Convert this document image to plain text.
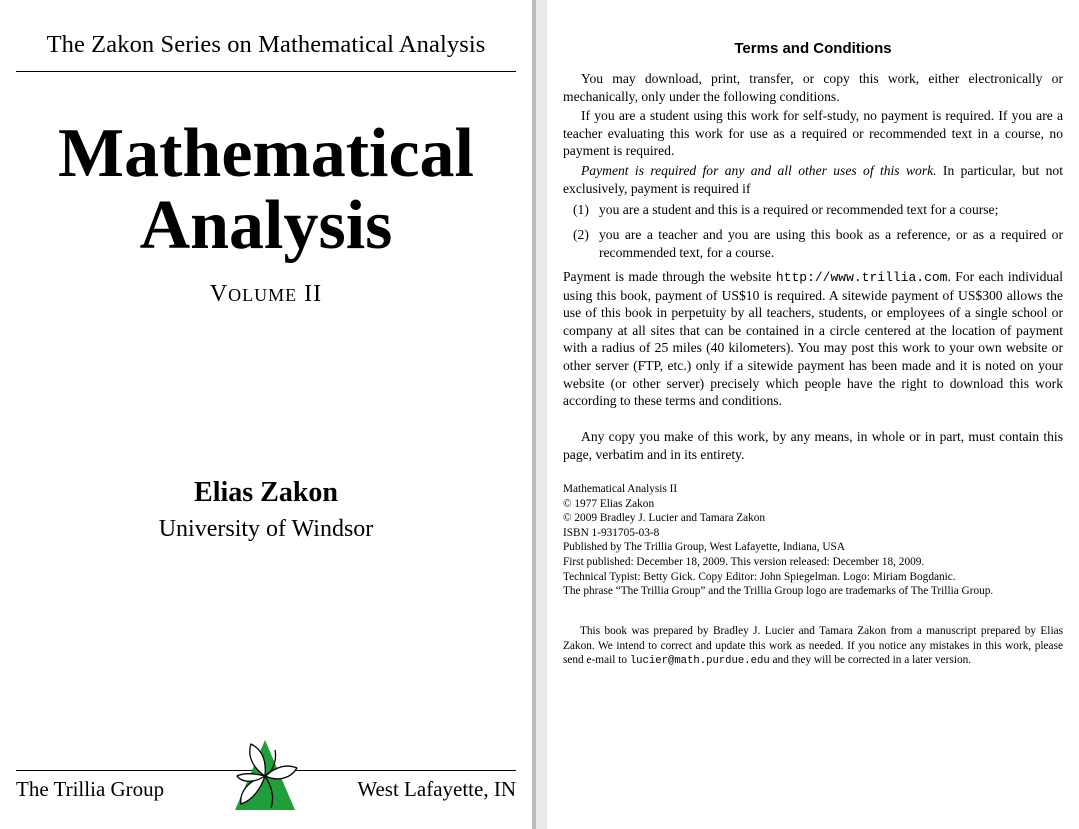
The Zakon Series on Mathematical Analysis
Mathematical
Analysis
VOLUME II
Elias Zakon
University of Windsor
The Trillia Group	West Lafayette, IN
Terms and Conditions
You may download, print, transfer, or copy this work, either electronically or mechanically, only under the following conditions.
If you are a student using this work for self-study, no payment is required. If you are a teacher evaluating this work for use as a required or recommended text in a course, no payment is required.
Payment is required for any and all other uses of this work. In particular, but not exclusively, payment is required if
(1) you are a student and this is a required or recommended text for a course;
(2) you are a teacher and you are using this book as a reference, or as a required or recommended text, for a course.
Payment is made through the website http://www.trillia.com. For each individual using this book, payment of US$10 is required. A sitewide payment of US$300 allows the use of this book in perpetuity by all teachers, students, or employees of a single school or company at all sites that can be contained in a circle centered at the location of payment with a radius of 25 miles (40 kilometers). You may post this work to your own website or other server (FTP, etc.) only if a sitewide payment has been made and it is noted on your website (or other server) precisely which people have the right to download this work according to these terms and conditions.
Any copy you make of this work, by any means, in whole or in part, must contain this page, verbatim and in its entirety.
Mathematical Analysis II
© 1977 Elias Zakon
© 2009 Bradley J. Lucier and Tamara Zakon
ISBN 1-931705-03-8
Published by The Trillia Group, West Lafayette, Indiana, USA
First published: December 18, 2009. This version released: December 18, 2009.
Technical Typist: Betty Gick. Copy Editor: John Spiegelman. Logo: Miriam Bogdanic.
The phrase “The Trillia Group” and the Trillia Group logo are trademarks of The Trillia Group.
This book was prepared by Bradley J. Lucier and Tamara Zakon from a manuscript prepared by Elias Zakon. We intend to correct and update this work as needed. If you notice any mistakes in this work, please send e-mail to lucier@math.purdue.edu and they will be corrected in a later version.
